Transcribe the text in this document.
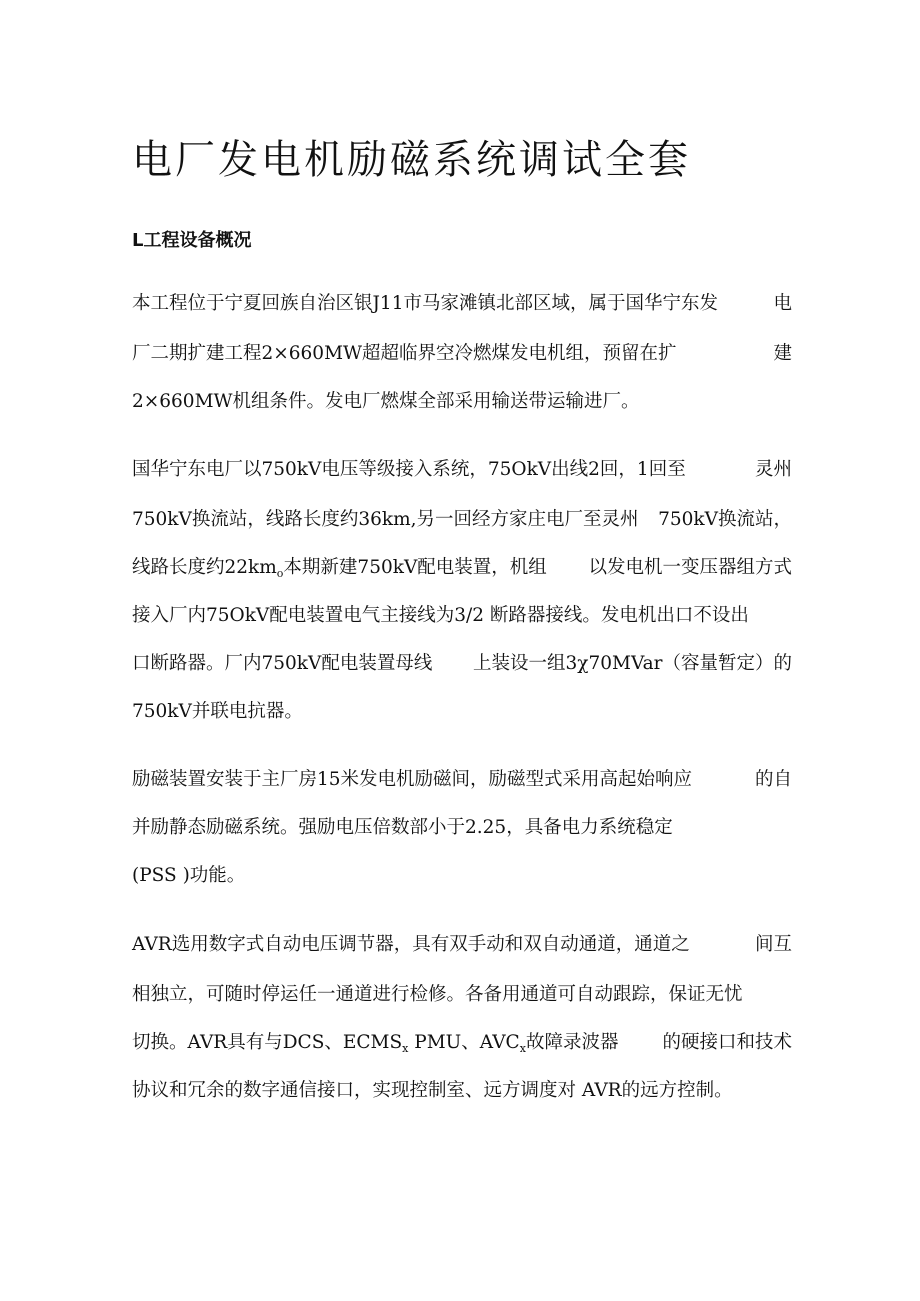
电厂发电机励磁系统调试全套
L工程设备概况

本工程位于宁夏回族自治区银J11市马家滩镇北部区域，属于国华宁东发	电

厂二期扩建工程2×660MW超超临界空冷燃煤发电机组，预留在扩	建

2×660MW机组条件。发电厂燃煤全部采用输送带运输进厂。

国华宁东电厂以750kV电压等级接入系统，75OkV出线2回，1回至	灵州

750kV换流站，线路长度约36km,另一回经方家庄电厂至灵州 750kV换流站，

线路长度约$22km_o$本期新建750kV配电装置，机组 以发电机一变压器组方式

接入厂内75OkV配电装置电气主接线为3/2 断路器接线。发电机出口不设出

口断路器。厂内750kV配电装置母线 上装设一组3χ70MVar（容量暂定）的

750kV并联电抗器。

励磁装置安装于主厂房15米发电机励磁间，励磁型式采用高起始响应	的自

并励静态励磁系统。强励电压倍数部小于2.25，具备电力系统稳定

(PSS )功能。

AVR选用数字式自动电压调节器，具有双手动和双自动通道，通道之	间互

相独立，可随时停运任一通道进行检修。各备用通道可自动跟踪，保证无忧

切换。AVR具有与DCS、$ECMS_x$ PMU、$AVC_x$故障录波器 的硬接口和技术

协议和冗余的数字通信接口，实现控制室、远方调度对 AVR的远方控制。
